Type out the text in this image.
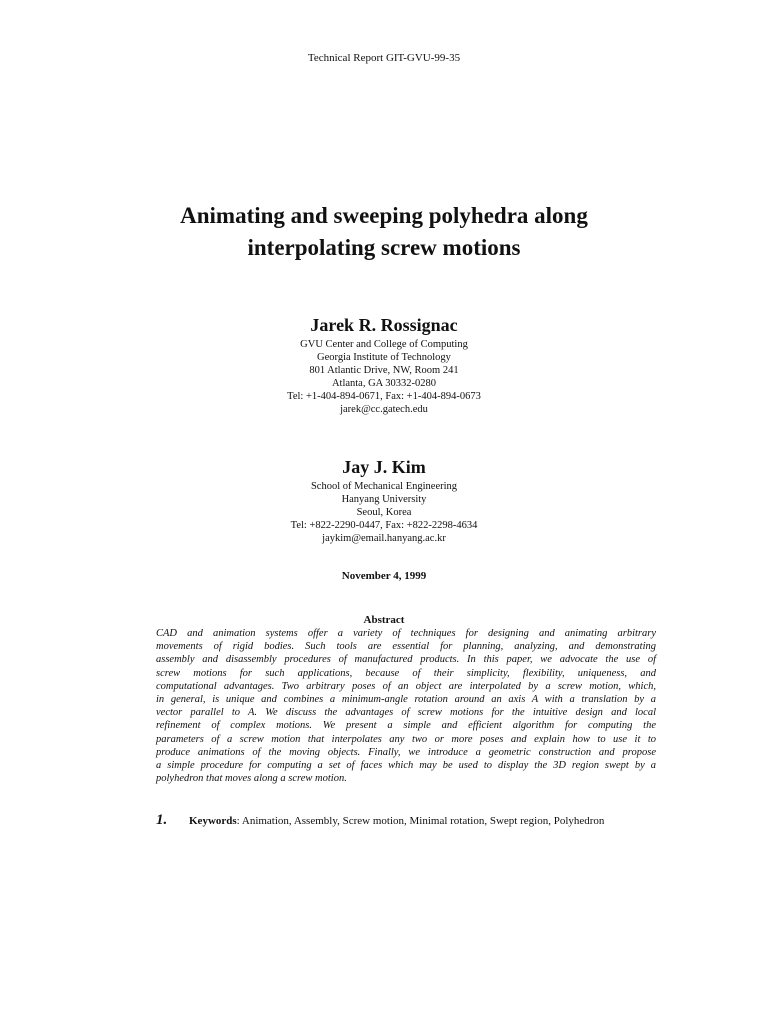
Technical Report GIT-GVU-99-35
Animating and sweeping polyhedra along
interpolating screw motions
Jarek R. Rossignac
GVU Center and College of Computing
Georgia Institute of Technology
801 Atlantic Drive, NW, Room 241
Atlanta, GA 30332-0280
Tel: +1-404-894-0671, Fax: +1-404-894-0673
jarek@cc.gatech.edu
Jay J. Kim
School of Mechanical Engineering
Hanyang University
Seoul, Korea
Tel: +822-2290-0447, Fax: +822-2298-4634
jaykim@email.hanyang.ac.kr
November 4, 1999
Abstract
CAD and animation systems offer a variety of techniques for designing and animating arbitrary
movements of rigid bodies. Such tools are essential for planning, analyzing, and demonstrating
assembly and disassembly procedures of manufactured products. In this paper, we advocate the use of
screw motions for such applications, because of their simplicity, flexibility, uniqueness, and
computational advantages. Two arbitrary poses of an object are interpolated by a screw motion, which,
in general, is unique and combines a minimum-angle rotation around an axis A with a translation by a
vector parallel to A. We discuss the advantages of screw motions for the intuitive design and local
refinement of complex motions. We present a simple and efficient algorithm for computing the
parameters of a screw motion that interpolates any two or more poses and explain how to use it to
produce animations of the moving objects. Finally, we introduce a geometric construction and propose
a simple procedure for computing a set of faces which may be used to display the 3D region swept by a
polyhedron that moves along a screw motion.
1. Keywords: Animation, Assembly, Screw motion, Minimal rotation, Swept region, Polyhedron
